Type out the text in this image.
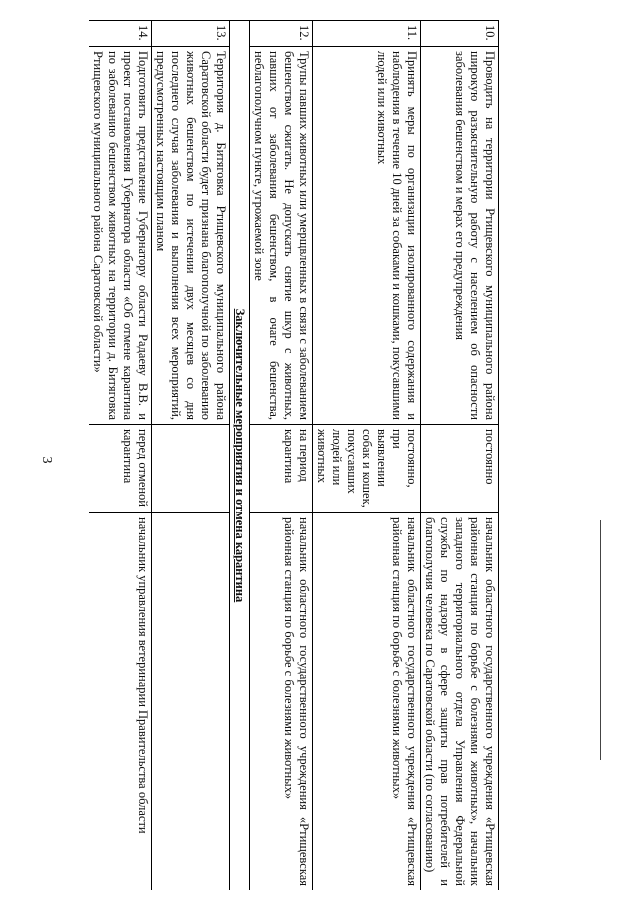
3
10.	Проводить на территории Ртищевского муниципального района широкую разъяснительную работу с населением об опасности заболевания бешенством и мерах его предупреждения	постоянно	начальник областного государственного учреждения «Ртищевская районная станция по борьбе с болезнями животных», начальник западного территориального отдела Управления Федеральной службы по надзору в сфере защиты прав потребителей и благополучия человека по Саратовской области (по согласованию)
11.	Принять меры по организации изолированного содержания и наблюдения в течение 10 дней за собаками и кошками, покусавшими людей или животных	постоянно, при выявлении собак и кошек, покусавших людей или животных	начальник областного государственного учреждения «Ртищевская районная станция по борьбе с болезнями животных»
12.	Трупы павших животных или умерщвленных в связи с заболеванием бешенством сжигать. Не допускать снятие шкур с животных, павших от заболевания бешенством, в очаге бешенства, неблагополучном пункте, угрожаемой зоне	на период карантина	начальник областного государственного учреждения «Ртищевская районная станция по борьбе с болезнями животных»
Заключительные мероприятия и отмена карантина			
13.	Территория д. Битяговка Ртищевского муниципального района Саратовской области будет признана благополучной по заболеванию животных бешенством по истечении двух месяцев со дня последнего случая заболевания и выполнения всех мероприятий, предусмотренных настоящим планом		
14.	Подготовить представление Губернатору области Радаеву В.В. и проект постановления Губернатора области «Об отмене карантина по заболеванию бешенством животных на территории д. Битяговка Ртищевского муниципального района Саратовской области»	перед отменой карантина	начальник управления ветеринарии Правительства области
